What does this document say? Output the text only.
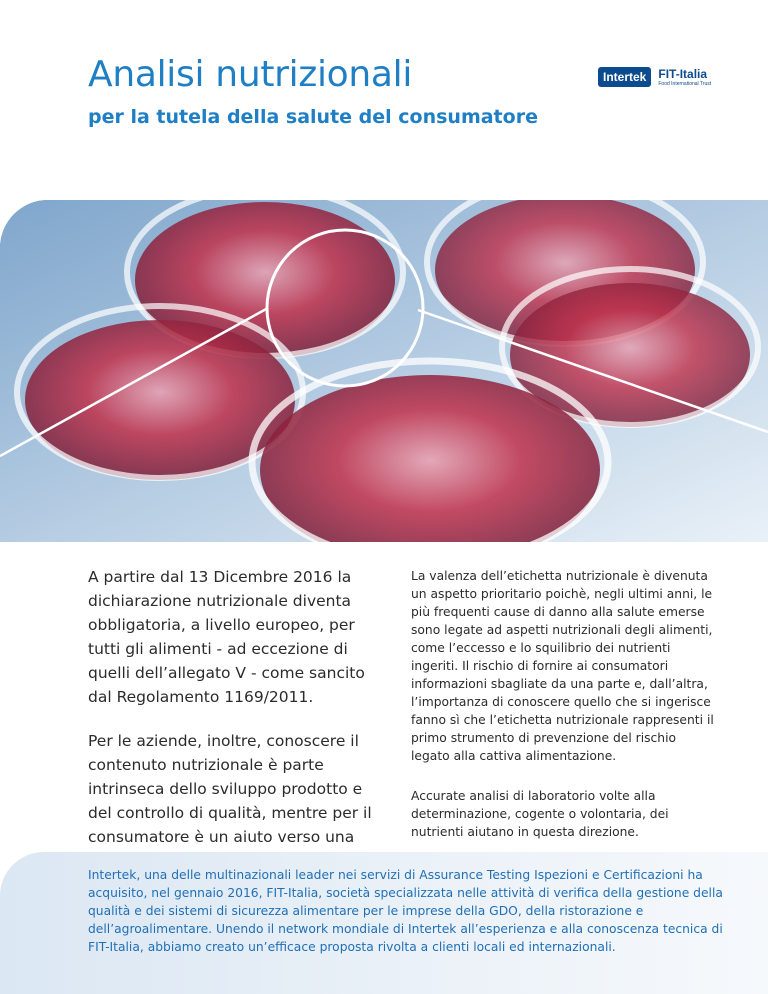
Analisi nutrizionali
per la tutela della salute del consumatore
Intertek	FIT-Italia
Food International Trust

A partire dal 13 Dicembre 2016 la dichiarazione nutrizionale diventa obbligatoria, a livello europeo, per tutti gli alimenti - ad eccezione di quelli dell’allegato V - come sancito dal Regolamento 1169/2011.

Per le aziende, inoltre, conoscere il contenuto nutrizionale è parte intrinseca dello sviluppo prodotto e del controllo di qualità, mentre per il consumatore è un aiuto verso una

La valenza dell’etichetta nutrizionale è divenuta un aspetto prioritario poichè, negli ultimi anni, le più frequenti cause di danno alla salute emerse sono legate ad aspetti nutrizionali degli alimenti, come l’eccesso e lo squilibrio dei nutrienti ingeriti. Il rischio di fornire ai consumatori informazioni sbagliate da una parte e, dall’altra, l’importanza di conoscere quello che si ingerisce fanno sì che l’etichetta nutrizionale rappresenti il primo strumento di prevenzione del rischio legato alla cattiva alimentazione.

Accurate analisi di laboratorio volte alla determinazione, cogente o volontaria, dei nutrienti aiutano in questa direzione.

Intertek, una delle multinazionali leader nei servizi di Assurance Testing Ispezioni e Certificazioni ha acquisito, nel gennaio 2016, FIT-Italia, società specializzata nelle attività di verifica della gestione della qualità e dei sistemi di sicurezza alimentare per le imprese della GDO, della ristorazione e dell’agroalimentare. Unendo il network mondiale di Intertek all’esperienza e alla conoscenza tecnica di FIT-Italia, abbiamo creato un’efficace proposta rivolta a clienti locali ed internazionali.
